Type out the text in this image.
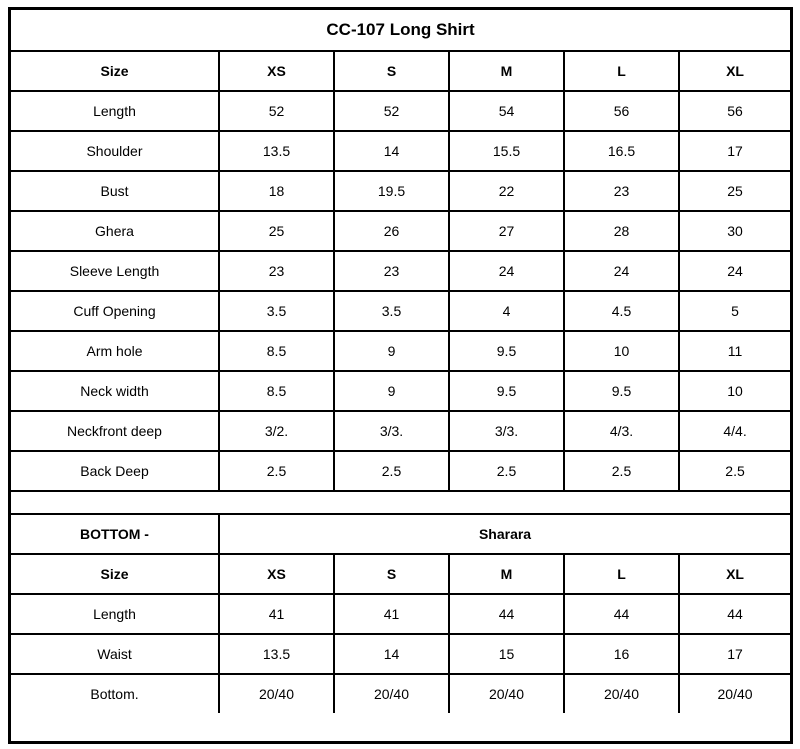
CC-107 Long Shirt					
Size	XS	S	M	L	XL
Length	52	52	54	56	56
Shoulder	13.5	14	15.5	16.5	17
Bust	18	19.5	22	23	25
Ghera	25	26	27	28	30
Sleeve Length	23	23	24	24	24
Cuff Opening	3.5	3.5	4	4.5	5
Arm hole	8.5	9	9.5	10	11
Neck width	8.5	9	9.5	9.5	10
Neckfront deep	3/2.	3/3.	3/3.	4/3.	4/4.
Back Deep	2.5	2.5	2.5	2.5	2.5

BOTTOM -	Sharara				
Size	XS	S	M	L	XL
Length	41	41	44	44	44
Waist	13.5	14	15	16	17
Bottom.	20/40	20/40	20/40	20/40	20/40
